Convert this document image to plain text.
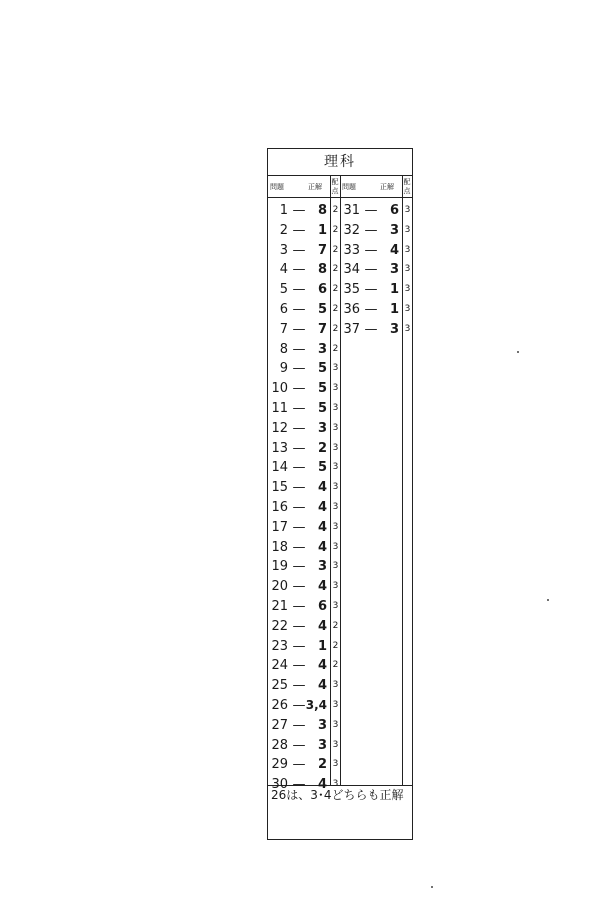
理科
問題	正解
配
点 問題	正解
配
点
1 — 8 2
2 — 1 2
3 — 7 2
4 — 8 2
5 — 6 2
6 — 5 2
7 — 7 2
8 — 3 2
9 — 5 3
10 — 5 3
11 — 5 3
12 — 3 3
13 — 2 3
14 — 5 3
15 — 4 3
16 — 4 3
17 — 4 3
18 — 4 3
19 — 3 3
20 — 4 3
21 — 6 3
22 — 4 2
23 — 1 2
24 — 4 2
25 — 4 3
26 — 3,4 3
27 — 3 3
28 — 3 3
29 — 2 3
30 — 4 3
31 — 6 3
32 — 3 3
33 — 4 3
34 — 3 3
35 — 1 3
36 — 1 3
37 — 3 3
26は、3･4どちらも正解
